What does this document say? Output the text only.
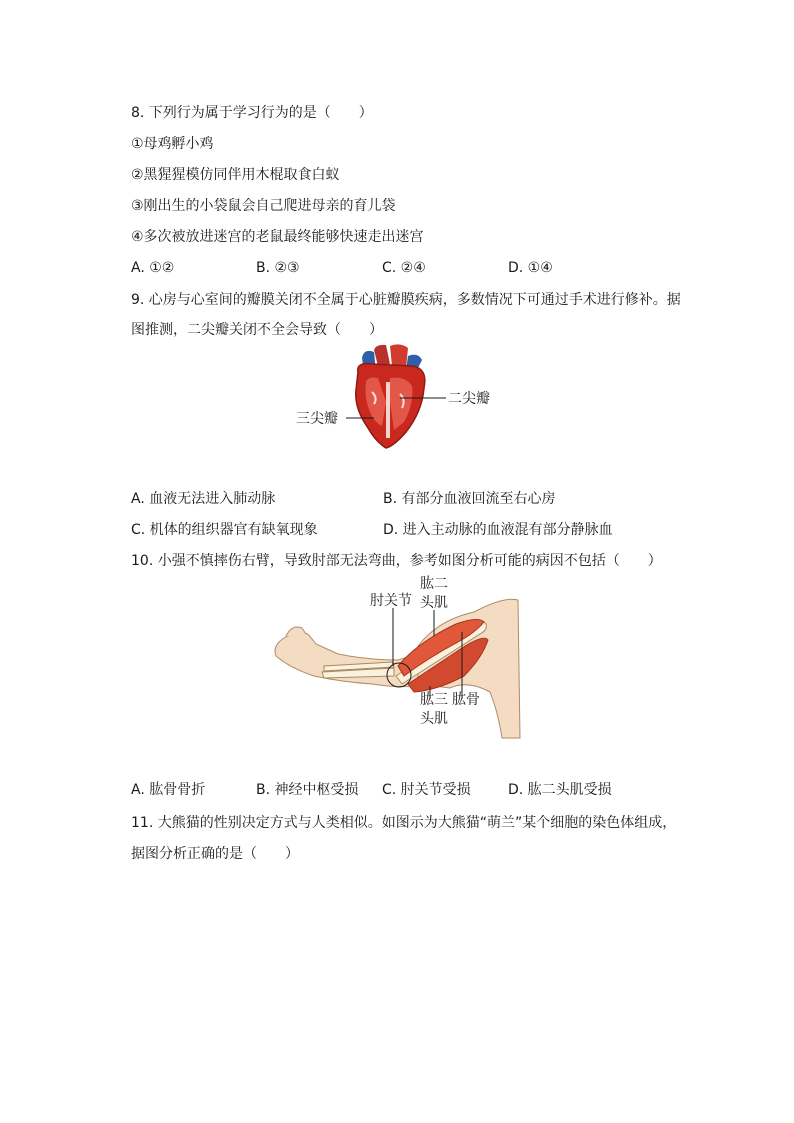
8. 下列行为属于学习行为的是（　　）
①母鸡孵小鸡
②黑猩猩模仿同伴用木棍取食白蚁
③刚出生的小袋鼠会自己爬进母亲的育儿袋
④多次被放进迷宫的老鼠最终能够快速走出迷宫
A. ①②	B. ②③	C. ②④	D. ①④
9. 心房与心室间的瓣膜关闭不全属于心脏瓣膜疾病，多数情况下可通过手术进行修补。据
图推测，二尖瓣关闭不全会导致（　　）
三尖瓣
二尖瓣
A. 血液无法进入肺动脉	B. 有部分血液回流至右心房
C. 机体的组织器官有缺氧现象	D. 进入主动脉的血液混有部分静脉血
10. 小强不慎摔伤右臂，导致肘部无法弯曲，参考如图分析可能的病因不包括（　　）
肘关节
肱二
头肌
肱三
头肌
肱骨
A. 肱骨骨折	B. 神经中枢受损 C. 肘关节受损	D. 肱二头肌受损
11. 大熊猫的性别决定方式与人类相似。如图示为大熊猫“萌兰”某个细胞的染色体组成，
据图分析正确的是（　　）
